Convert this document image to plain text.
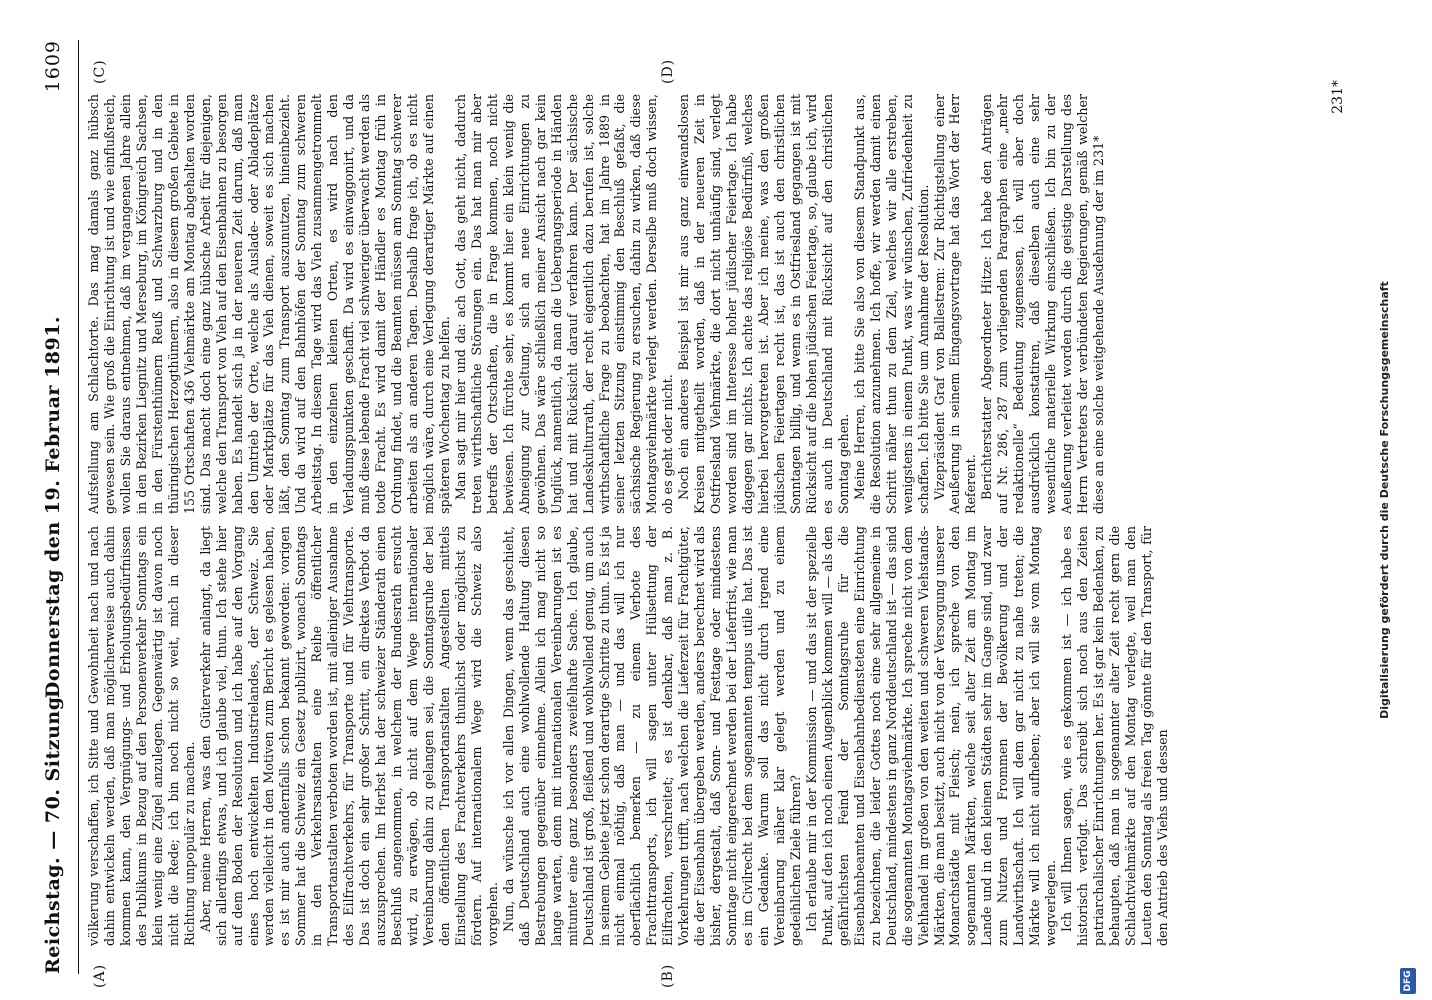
Reichstag. — 70. Sitzung.
Donnerstag den 19. Februar 1891.
1609
(A)	(B)
(C)	(D)

völkerung verschaffen, ich Sitte und Gewohnheit nach und nach dahin entwickeln werden, daß man möglicherweise auch dahin kommen kann, den Vergnügungs- und Erholungsbedürfnissen des Publikums in Bezug auf den Personenverkehr Sonntags ein klein wenig eine Zügel anzulegen. Gegenwärtig ist davon noch nicht die Rede; ich bin noch nicht so weit, mich in dieser Richtung unpopulär zu machen. Aber, meine Herren, was den Güterverkehr anlangt, da liegt sich allerdings etwas, und ich glaube viel, thun. Ich stehe hier auf dem Boden der Resolution und ich habe auf den Vorgang eines hoch entwickelten Industrielandes, der Schweiz. Sie werden vielleicht in den Motiven zum Bericht es gelesen haben, es ist mir auch andernfalls schon bekannt geworden: vorigen Sommer hat die Schweiz ein Gesetz publizirt, wonach Sonntags in den Verkehrsanstalten eine Reihe öffentlicher Transportanstalten verboten worden ist, mit alleiniger Ausnahme des Eilfrachtverkehrs, für Transporte und für Viehtransporte. Das ist doch ein sehr großer Schritt, ein direktes Verbot da auszusprechen. Im Herbst hat der schweizer Ständerath einen Beschluß angenommen, in welchem der Bundesrath ersucht wird, zu erwägen, ob nicht auf dem Wege internationaler Vereinbarung dahin zu gelangen sei, die Sonntagsruhe der bei den öffentlichen Transportanstalten Angestellten mittels Einstellung des Frachtverkehrs thunlichst oder möglichst zu fördern. Auf internationalem Wege wird die Schweiz also vorgehen. Nun, da wünsche ich vor allen Dingen, wenn das geschieht, daß Deutschland auch eine wohlwollende Haltung diesen Bestrebungen gegenüber einnehme. Allein ich mag nicht so lange warten, denn mit internationalen Vereinbarungen ist es mitunter eine ganz besonders zweifelhafte Sache. Ich glaube, Deutschland ist groß, fleißend und wohlwollend genug, um auch in seinem Gebiete jetzt schon derartige Schritte zu thun. Es ist ja nicht einmal nöthig, daß man — und das will ich nur oberflächlich bemerken — zu einem Verbote des Frachttransports, ich will sagen unter Hülsettung der Eilfrachten, verschreitet; es ist denkbar, daß man z. B. Vorkehrungen trifft, nach welchen die Lieferzeit für Frachtgüter, die der Eisenbahn übergeben werden, anders berechnet wird als bisher, dergestalt, daß Sonn- und Festtage oder mindestens Sonntage nicht eingerechnet werden bei der Lieferfrist, wie man es im Civilrecht bei dem sogenannten tempus utile hat. Das ist ein Gedanke. Warum soll das nicht durch irgend eine Vereinbarung näher klar gelegt werden und zu einem gedeihlichen Ziele führen? Ich erlaube mir in der Kommission — und das ist der spezielle Punkt, auf den ich noch einen Augenblick kommen will — als den gefährlichsten Feind der Sonntagsruhe für die Eisenbahnbeamten und Eisenbahnbediensteten eine Einrichtung zu bezeichnen, die leider Gottes noch eine sehr allgemeine in Deutschland, mindestens in ganz Norddeutschland ist — das sind die sogenannten Montagsviehmärkte. Ich spreche nicht von dem Viehhandel im großen von den weiten und schweren Viehstands-Märkten, die man besitzt, auch nicht von der Versorgung unserer Monarchstädte mit Fleisch; nein, ich spreche von den sogenannten Märkten, welche seit alter Zeit am Montag im Lande und in den kleinen Städten sehr im Gange sind, und zwar zum Nutzen und Frommen der Bevölkerung und der Landwirthschaft. Ich will dem gar nicht zu nahe treten; die Märkte will ich nicht aufheben; aber ich will sie vom Montag wegverlegen. Ich will Ihnen sagen, wie es gekommen ist — ich habe es historisch verfolgt. Das schreibt sich noch aus den Zeiten patriarchalischer Einrichtungen her. Es ist gar kein Bedenken, zu behaupten, daß man in sogenannter alter Zeit recht gern die Schlachtviehmärkte auf den Montag verlegte, weil man den Leuten den Sonntag als freien Tag gönnte für den Transport, für den Antrieb des Viehs und dessen

Aufstellung am Schlachtorte. Das mag damals ganz hübsch gewesen sein. Wie groß die Einrichtung ist und wie einflußreich, wollen Sie daraus entnehmen, daß im vergangenen Jahre allein in den Bezirken Liegnitz und Merseburg, im Königreich Sachsen, in den Fürstenthümern Reuß und Schwarzburg und in den thüringischen Herzogthümern, also in diesem großen Gebiete in 155 Ortschaften 436 Viehmärkte am Montag abgehalten worden sind. Das macht doch eine ganz hübsche Arbeit für diejenigen, welche den Transport von Vieh auf den Eisenbahnen zu besorgen haben. Es handelt sich ja in der neueren Zeit darum, daß man den Umtrieb der Orte, welche als Auslade- oder Abladeplätze oder Marktplätze für das Vieh dienen, soweit es sich machen läßt, den Sonntag zum Transport auszunutzen, hineinbezieht. Und da wird auf den Bahnhöfen der Sonntag zum schweren Arbeitstag. In diesem Tage wird das Vieh zusammengetrommelt in den einzelnen kleinen Orten, es wird nach den Verladungspunkten geschafft. Da wird es einwaggonirt, und da muß diese lebende Fracht viel schwieriger überwacht werden als todte Fracht. Es wird damit der Händler es Montag früh in Ordnung findet, und die Beamten müssen am Sonntag schwerer arbeiten als an anderen Tagen. Deshalb frage ich, ob es nicht möglich wäre, durch eine Verlegung derartiger Märkte auf einen späteren Wochentag zu helfen. Man sagt mir hier und da: ach Gott, das geht nicht, dadurch treten wirthschaftliche Störungen ein. Das hat man mir aber betreffs der Ortschaften, die in Frage kommen, noch nicht bewiesen. Ich fürchte sehr, es kommt hier ein klein wenig die Abneigung zur Geltung, sich an neue Einrichtungen zu gewöhnen. Das wäre schließlich meiner Ansicht nach gar kein Unglück, namentlich, da man die Uebergangsperiode in Händen hat und mit Rücksicht darauf verfahren kann. Der sächsische Landeskulturrath, der recht eigentlich dazu berufen ist, solche wirthschaftliche Frage zu beobachten, hat im Jahre 1889 in seiner letzten Sitzung einstimmig den Beschluß gefaßt, die sächsische Regierung zu ersuchen, dahin zu wirken, daß diese Montagsviehmärkte verlegt werden. Derselbe muß doch wissen, ob es geht oder nicht. Noch ein anderes Beispiel ist mir aus ganz einwandslosen Kreisen mitgetheilt worden, daß in der neueren Zeit in Ostfriesland Viehmärkte, die dort nicht unhäufig sind, verlegt worden sind im Interesse hoher jüdischer Feiertage. Ich habe dagegen gar nichts. Ich achte das religiöse Bedürfniß, welches hierbei hervorgetreten ist. Aber ich meine, was den großen jüdischen Feiertagen recht ist, das ist auch den christlichen Sonntagen billig, und wenn es in Ostfriesland gegangen ist mit Rücksicht auf die hohen jüdischen Feiertage, so, glaube ich, wird es auch in Deutschland mit Rücksicht auf den christlichen Sonntag gehen. Meine Herren, ich bitte Sie also von diesem Standpunkt aus, die Resolution anzunehmen. Ich hoffe, wir werden damit einen Schritt näher thun zu dem Ziel, welches wir alle erstreben, wenigstens in einem Punkt, was wir wünschen, Zufriedenheit zu schaffen. Ich bitte Sie um Annahme der Resolution. Vizepräsident Graf von Ballestrem: Zur Richtigstellung einer Aeußerung in seinem Eingangsvortrage hat das Wort der Herr Referent. Berichterstatter Abgeordneter Hitze: Ich habe den Anträgen auf Nr. 286, 287 zum vorliegenden Paragraphen eine „mehr redaktionelle“ Bedeutung zugemessen, ich will aber doch ausdrücklich konstatiren, daß dieselben auch eine sehr wesentliche materielle Wirkung einschließen. Ich bin zu der Aeußerung verleitet worden durch die geistige Darstellung des Herrn Vertreters der verbündeten Regierungen, gemäß welcher diese an eine solche weitgehende Ausdehnung der im 231*

231*
Digitalisierung gefördert durch die Deutsche Forschungsgemeinschaft
DFG
